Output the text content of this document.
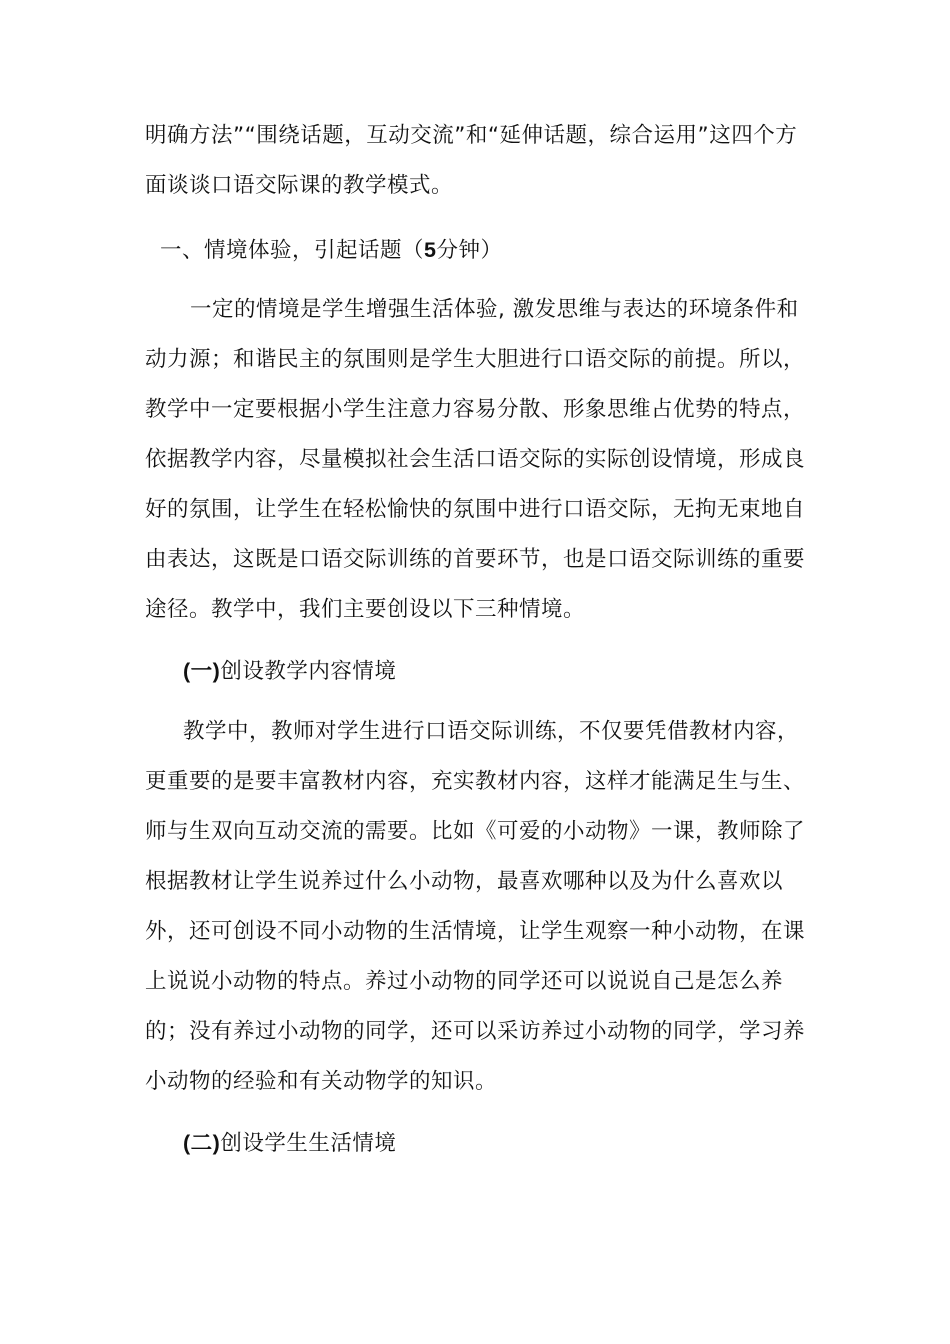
明确方法”“围绕话题，互动交流”和“延伸话题，综合运用”这四个方
面谈谈口语交际课的教学模式。
一、情境体验，引起话题（5分钟）
一定的情境是学生增强生活体验, 激发思维与表达的环境条件和
动力源；和谐民主的氛围则是学生大胆进行口语交际的前提。所以，
教学中一定要根据小学生注意力容易分散、形象思维占优势的特点，
依据教学内容，尽量模拟社会生活口语交际的实际创设情境，形成良
好的氛围，让学生在轻松愉快的氛围中进行口语交际，无拘无束地自
由表达，这既是口语交际训练的首要环节，也是口语交际训练的重要
途径。教学中，我们主要创设以下三种情境。
(一)创设教学内容情境
教学中，教师对学生进行口语交际训练，不仅要凭借教材内容，
更重要的是要丰富教材内容，充实教材内容，这样才能满足生与生、
师与生双向互动交流的需要。比如《可爱的小动物》一课，教师除了
根据教材让学生说养过什么小动物，最喜欢哪种以及为什么喜欢以
外，还可创设不同小动物的生活情境，让学生观察一种小动物，在课
上说说小动物的特点。养过小动物的同学还可以说说自己是怎么养
的；没有养过小动物的同学，还可以采访养过小动物的同学，学习养
小动物的经验和有关动物学的知识。
(二)创设学生生活情境
